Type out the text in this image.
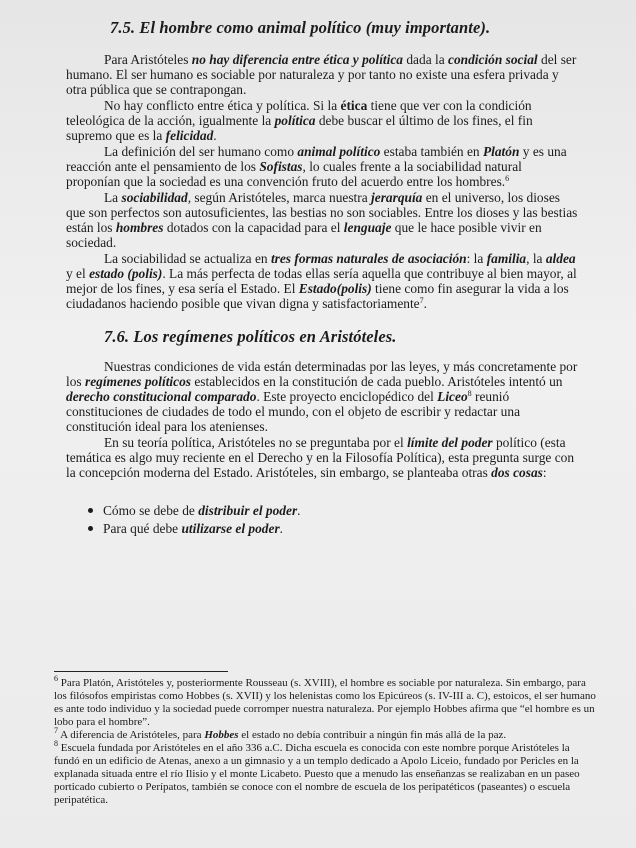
7.5. El hombre como animal político (muy importante).

Para Aristóteles no hay diferencia entre ética y política dada la condición social del ser humano. El ser humano es sociable por naturaleza y por tanto no existe una esfera privada y otra pública que se contrapongan.

No hay conflicto entre ética y política. Si la ética tiene que ver con la condición teleológica de la acción, igualmente la política debe buscar el último de los fines, el fin supremo que es la felicidad.

La definición del ser humano como animal político estaba también en Platón y es una reacción ante el pensamiento de los Sofistas, lo cuales frente a la sociabilidad natural proponían que la sociedad es una convención fruto del acuerdo entre los hombres.$^6$

La sociabilidad, según Aristóteles, marca nuestra jerarquía en el universo, los dioses que son perfectos son autosuficientes, las bestias no son sociables. Entre los dioses y las bestias están los hombres dotados con la capacidad para el lenguaje que le hace posible vivir en sociedad.

La sociabilidad se actualiza en tres formas naturales de asociación: la familia, la aldea y el estado (polis). La más perfecta de todas ellas sería aquella que contribuye al bien mayor, al mejor de los fines, y esa sería el Estado. El Estado(polis) tiene como fin asegurar la vida a los ciudadanos haciendo posible que vivan digna y satisfactoriamente$^7$.

7.6. Los regímenes políticos en Aristóteles.

Nuestras condiciones de vida están determinadas por las leyes, y más concretamente por los regímenes políticos establecidos en la constitución de cada pueblo. Aristóteles intentó un derecho constitucional comparado. Este proyecto enciclopédico del Liceo$^8$ reunió constituciones de ciudades de todo el mundo, con el objeto de escribir y redactar una constitución ideal para los atenienses.

En su teoría política, Aristóteles no se preguntaba por el límite del poder político (esta temática es algo muy reciente en el Derecho y en la Filosofía Política), esta pregunta surge con la concepción moderna del Estado. Aristóteles, sin embargo, se planteaba otras dos cosas:

Cómo se debe de distribuir el poder.
Para qué debe utilizarse el poder.

$^6$ Para Platón, Aristóteles y, posteriormente Rousseau (s. XVIII), el hombre es sociable por naturaleza. Sin embargo, para los filósofos empiristas como Hobbes (s. XVII) y los helenistas como los Epicúreos (s. IV-III a. C), estoicos, el ser humano es ante todo individuo y la sociedad puede corromper nuestra naturaleza. Por ejemplo Hobbes afirma que “el hombre es un lobo para el hombre”.

$^7$ A diferencia de Aristóteles, para Hobbes el estado no debía contribuir a ningún fin más allá de la paz.

$^8$ Escuela fundada por Aristóteles en el año 336 a.C. Dicha escuela es conocida con este nombre porque Aristóteles la fundó en un edificio de Atenas, anexo a un gimnasio y a un templo dedicado a Apolo Liceio, fundado por Pericles en la explanada situada entre el río Ilisio y el monte Licabeto. Puesto que a menudo las enseñanzas se realizaban en un paseo porticado cubierto o Perípatos, también se conoce con el nombre de escuela de los peripatéticos (paseantes) o escuela peripatética.
